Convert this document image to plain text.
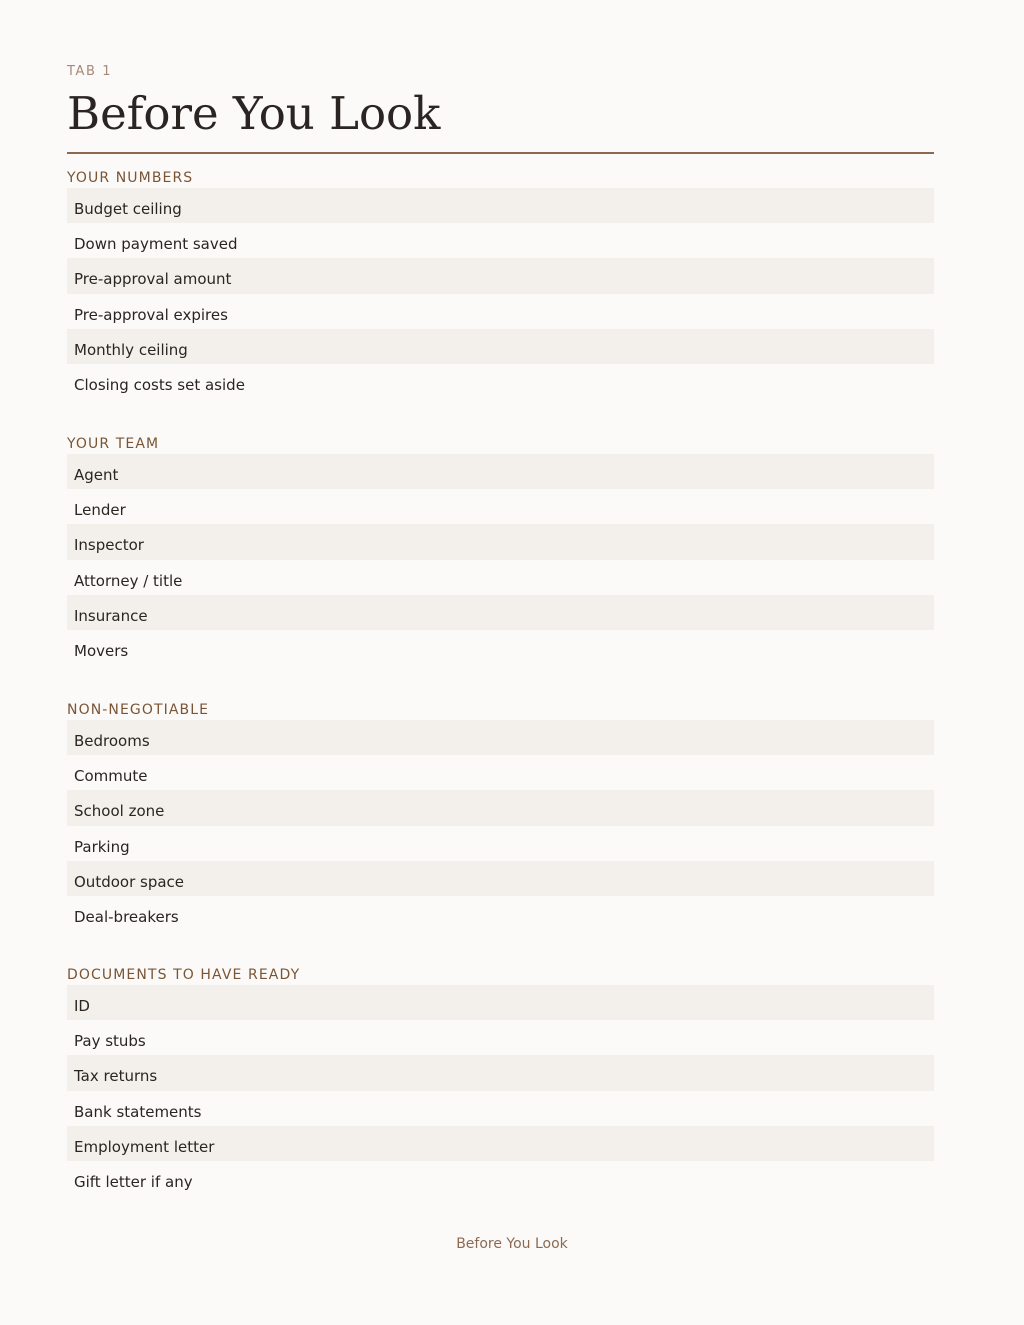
TAB 1
Before You Look
YOUR NUMBERS
Budget ceiling
Down payment saved
Pre-approval amount
Pre-approval expires
Monthly ceiling
Closing costs set aside
YOUR TEAM
Agent
Lender
Inspector
Attorney / title
Insurance
Movers
NON-NEGOTIABLE
Bedrooms
Commute
School zone
Parking
Outdoor space
Deal-breakers
DOCUMENTS TO HAVE READY
ID
Pay stubs
Tax returns
Bank statements
Employment letter
Gift letter if any
Before You Look
